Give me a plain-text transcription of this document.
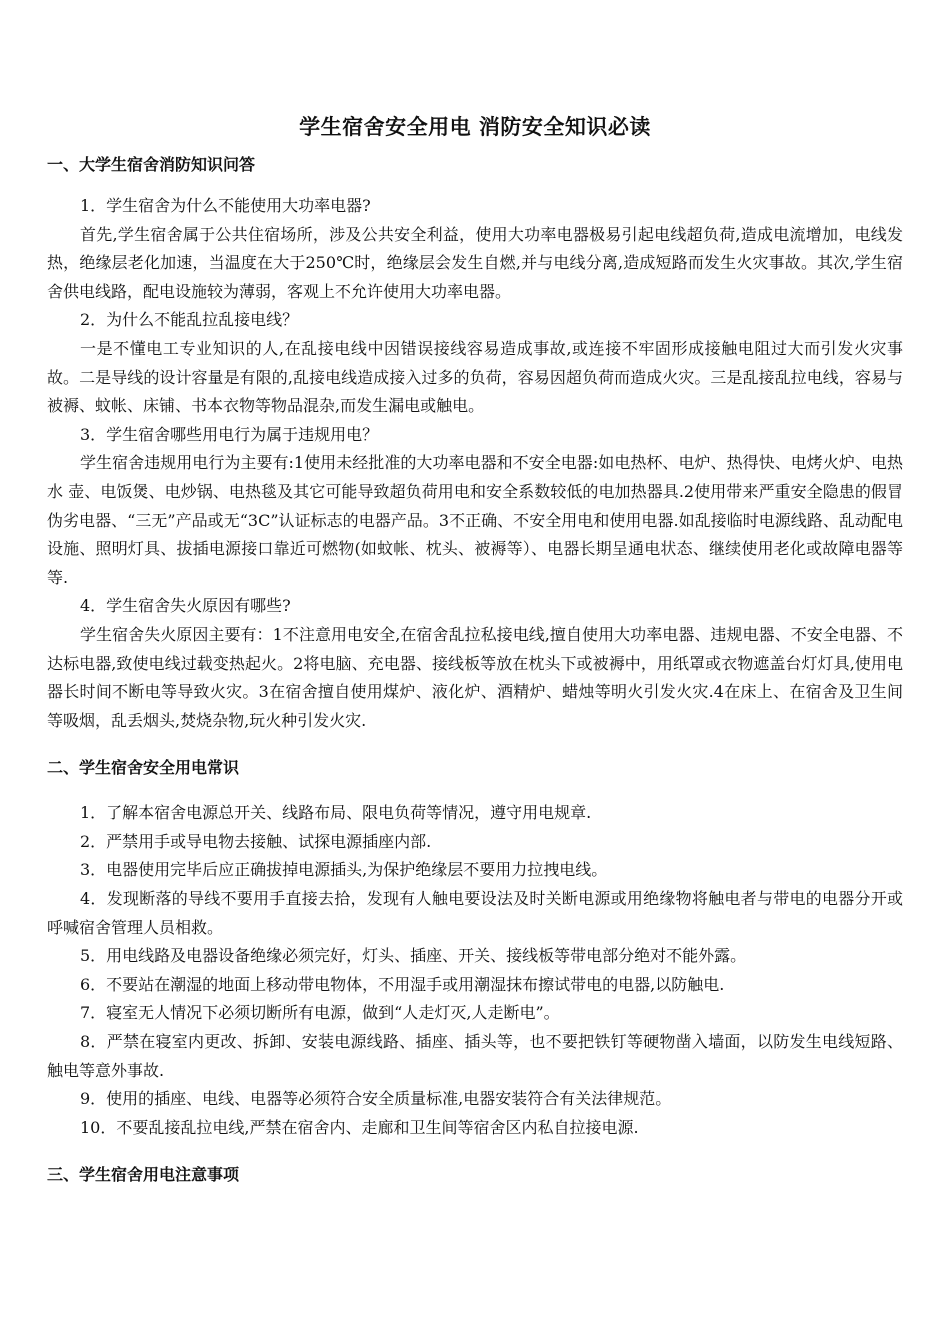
学生宿舍安全用电 消防安全知识必读
一、大学生宿舍消防知识问答

1．学生宿舍为什么不能使用大功率电器?

首先,学生宿舍属于公共住宿场所，涉及公共安全利益，使用大功率电器极易引起电线超负荷,造成电流增加，电线发热，绝缘层老化加速，当温度在大于250℃时，绝缘层会发生自燃,并与电线分离,造成短路而发生火灾事故。其次,学生宿舍供电线路，配电设施较为薄弱，客观上不允许使用大功率电器。

2．为什么不能乱拉乱接电线？

一是不懂电工专业知识的人,在乱接电线中因错误接线容易造成事故,或连接不牢固形成接触电阻过大而引发火灾事故。二是导线的设计容量是有限的,乱接电线造成接入过多的负荷，容易因超负荷而造成火灾。三是乱接乱拉电线，容易与被褥、蚊帐、床铺、书本衣物等物品混杂,而发生漏电或触电。

3．学生宿舍哪些用电行为属于违规用电？

学生宿舍违规用电行为主要有:1使用未经批准的大功率电器和不安全电器:如电热杯、电炉、热得快、电烤火炉、电热水 壶、电饭煲、电炒锅、电热毯及其它可能导致超负荷用电和安全系数较低的电加热器具.2使用带来严重安全隐患的假冒伪劣电器、“三无”产品或无“3C”认证标志的电器产品。3不正确、不安全用电和使用电器.如乱接临时电源线路、乱动配电设施、照明灯具、拔插电源接口靠近可燃物(如蚊帐、枕头、被褥等）、电器长期呈通电状态、继续使用老化或故障电器等等.

4．学生宿舍失火原因有哪些?

学生宿舍失火原因主要有：1不注意用电安全,在宿舍乱拉私接电线,擅自使用大功率电器、违规电器、不安全电器、不达标电器,致使电线过载变热起火。2将电脑、充电器、接线板等放在枕头下或被褥中，用纸罩或衣物遮盖台灯灯具,使用电器长时间不断电等导致火灾。3在宿舍擅自使用煤炉、液化炉、酒精炉、蜡烛等明火引发火灾.4在床上、在宿舍及卫生间等吸烟，乱丢烟头,焚烧杂物,玩火种引发火灾.

二、学生宿舍安全用电常识

1．了解本宿舍电源总开关、线路布局、限电负荷等情况，遵守用电规章.

2．严禁用手或导电物去接触、试探电源插座内部.

3．电器使用完毕后应正确拔掉电源插头,为保护绝缘层不要用力拉拽电线。

4．发现断落的导线不要用手直接去拾，发现有人触电要设法及时关断电源或用绝缘物将触电者与带电的电器分开或呼喊宿舍管理人员相救。

5．用电线路及电器设备绝缘必须完好，灯头、插座、开关、接线板等带电部分绝对不能外露。

6．不要站在潮湿的地面上移动带电物体，不用湿手或用潮湿抹布擦试带电的电器,以防触电.

7．寝室无人情况下必须切断所有电源，做到“人走灯灭,人走断电”。

8．严禁在寝室内更改、拆卸、安装电源线路、插座、插头等，也不要把铁钉等硬物凿入墙面，以防发生电线短路、触电等意外事故.

9．使用的插座、电线、电器等必须符合安全质量标准,电器安装符合有关法律规范。

10．不要乱接乱拉电线,严禁在宿舍内、走廊和卫生间等宿舍区内私自拉接电源.

三、学生宿舍用电注意事项
